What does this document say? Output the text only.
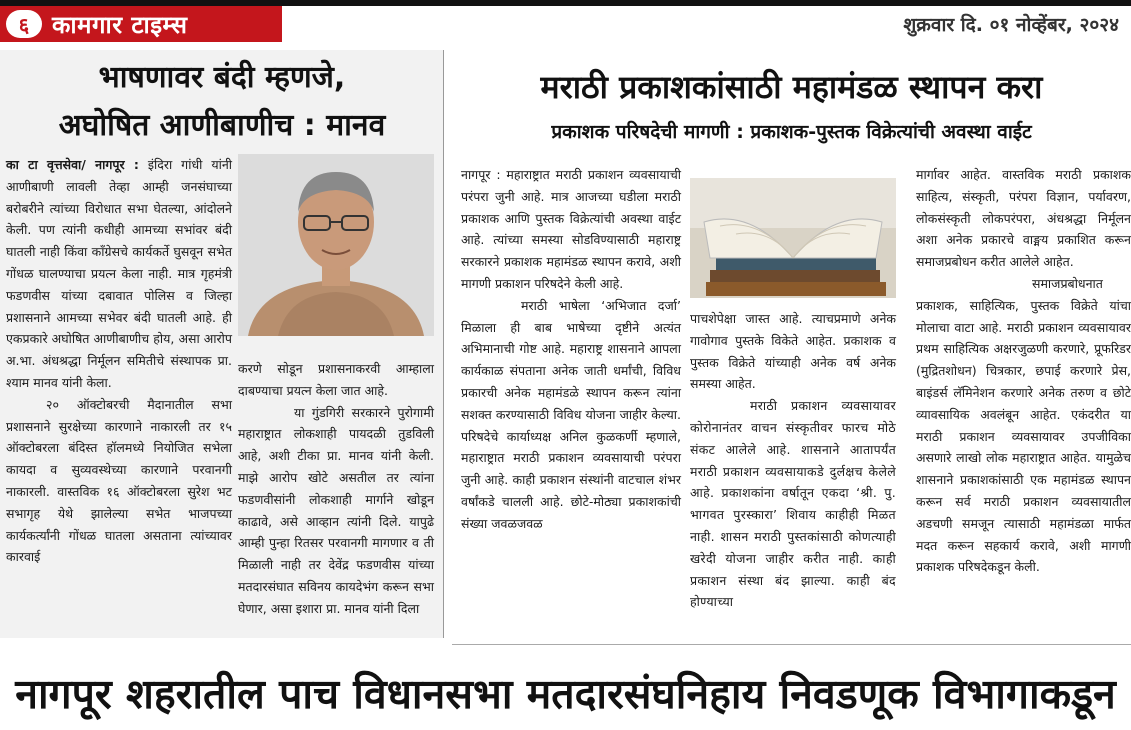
६ कामगार टाइम्स	शुक्रवार दि. ०१ नोव्हेंबर, २०२४
भाषणावर बंदी म्हणजे,
अघोषित आणीबाणीच : मानव

का टा वृत्तसेवा/ नागपूर : इंदिरा गांधी यांनी आणीबाणी लावली तेव्हा आम्ही जनसंघाच्या बरोबरीने त्यांच्या विरोधात सभा घेतल्या, आंदोलने केली. पण त्यांनी कधीही आमच्या सभांवर बंदी घातली नाही किंवा काँग्रेसचे कार्यकर्ते घुसवून सभेत गोंधळ घालण्याचा प्रयत्न केला नाही. मात्र गृहमंत्री फडणवीस यांच्या दबावात पोलिस व जिल्हा प्रशासनाने आमच्या सभेवर बंदी घातली आहे. ही एकप्रकारे अघोषित आणीबाणीच होय, असा आरोप अ.भा. अंधश्रद्धा निर्मूलन समितीचे संस्थापक प्रा. श्याम मानव यांनी केला.

२० ऑक्टोबरची मैदानातील सभा प्रशासनाने सुरक्षेच्या कारणाने नाकारली तर १५ ऑक्टोबरला बंदिस्त हॉलमध्ये नियोजित सभेला कायदा व सुव्यवस्थेच्या कारणाने परवानगी नाकारली. वास्तविक १६ ऑक्टोबरला सुरेश भट सभागृह येथे झालेल्या सभेत भाजपच्या कार्यकर्त्यांनी गोंधळ घातला असताना त्यांच्यावर कारवाई

करणे सोडून प्रशासनाकरवी आम्हाला दाबण्याचा प्रयत्न केला जात आहे.

या गुंडगिरी सरकारने पुरोगामी महाराष्ट्रात लोकशाही पायदळी तुडविली आहे, अशी टीका प्रा. मानव यांनी केली. माझे आरोप खोटे असतील तर त्यांना फडणवीसांनी लोकशाही मार्गाने खोडून काढावे, असे आव्हान त्यांनी दिले. यापुढे आम्ही पुन्हा रितसर परवानगी मागणार व ती मिळाली नाही तर देवेंद्र फडणवीस यांच्या मतदारसंघात सविनय कायदेभंग करून सभा घेणार, असा इशारा प्रा. मानव यांनी दिला

मराठी प्रकाशकांसाठी महामंडळ स्थापन करा
प्रकाशक परिषदेची मागणी : प्रकाशक-पुस्तक विक्रेत्यांची अवस्था वाईट

नागपूर : महाराष्ट्रात मराठी प्रकाशन व्यवसायाची परंपरा जुनी आहे. मात्र आजच्या घडीला मराठी प्रकाशक आणि पुस्तक विक्रेत्यांची अवस्था वाईट आहे. त्यांच्या समस्या सोडविण्यासाठी महाराष्ट्र सरकारने प्रकाशक महामंडळ स्थापन करावे, अशी मागणी प्रकाशन परिषदेने केली आहे.

मराठी भाषेला ‘अभिजात दर्जा’ मिळाला ही बाब भाषेच्या दृष्टीने अत्यंत अभिमानाची गोष्ट आहे. महाराष्ट्र शासनाने आपला कार्यकाळ संपताना अनेक जाती धर्मांची, विविध प्रकारची अनेक महामंडळे स्थापन करून त्यांना सशक्त करण्यासाठी विविध योजना जाहीर केल्या. परिषदेचे कार्याध्यक्ष अनिल कुळकर्णी म्हणाले, महाराष्ट्रात मराठी प्रकाशन व्यवसायाची परंपरा जुनी आहे. काही प्रकाशन संस्थांनी वाटचाल शंभर वर्षांकडे चालली आहे. छोटे-मोठ्या प्रकाशकांची संख्या जवळजवळ

पाचशेपेक्षा जास्त आहे. त्याचप्रमाणे अनेक गावोगाव पुस्तके विकेते आहेत. प्रकाशक व पुस्तक विक्रेते यांच्याही अनेक वर्ष अनेक समस्या आहेत.

मराठी प्रकाशन व्यवसायावर कोरोनानंतर वाचन संस्कृतीवर फारच मोठे संकट आलेले आहे. शासनाने आतापर्यंत मराठी प्रकाशन व्यवसायाकडे दुर्लक्षच केलेले आहे. प्रकाशकांना वर्षातून एकदा ‘श्री. पु. भागवत पुरस्कारा’ शिवाय काहीही मिळत नाही. शासन मराठी पुस्तकांसाठी कोणत्याही खरेदी योजना जाहीर करीत नाही. काही प्रकाशन संस्था बंद झाल्या. काही बंद होण्याच्या

मार्गावर आहेत. वास्तविक मराठी प्रकाशक साहित्य, संस्कृती, परंपरा विज्ञान, पर्यावरण, लोकसंस्कृती लोकपरंपरा, अंधश्रद्धा निर्मूलन अशा अनेक प्रकारचे वाङ्मय प्रकाशित करून समाजप्रबोधन करीत आलेले आहेत.

समाजप्रबोधनात प्रकाशक, साहित्यिक, पुस्तक विक्रेते यांचा मोलाचा वाटा आहे. मराठी प्रकाशन व्यवसायावर प्रथम साहित्यिक अक्षरजुळणी करणारे, प्रूफरिडर (मुद्रितशोधन) चित्रकार, छपाई करणारे प्रेस, बाइंडर्स लॅमिनेशन करणारे अनेक तरुण व छोटे व्यावसायिक अवलंबून आहेत. एकंदरीत या मराठी प्रकाशन व्यवसायावर उपजीविका असणारे लाखो लोक महाराष्ट्रात आहेत. यामुळेच शासनाने प्रकाशकांसाठी एक महामंडळ स्थापन करून सर्व मराठी प्रकाशन व्यवसायातील अडचणी समजून त्यासाठी महामंडळा मार्फत मदत करून सहकार्य करावे, अशी मागणी प्रकाशक परिषदेकडून केली.

नागपूर शहरातील पाच विधानसभा मतदारसंघनिहाय निवडणूक विभागाकडून
